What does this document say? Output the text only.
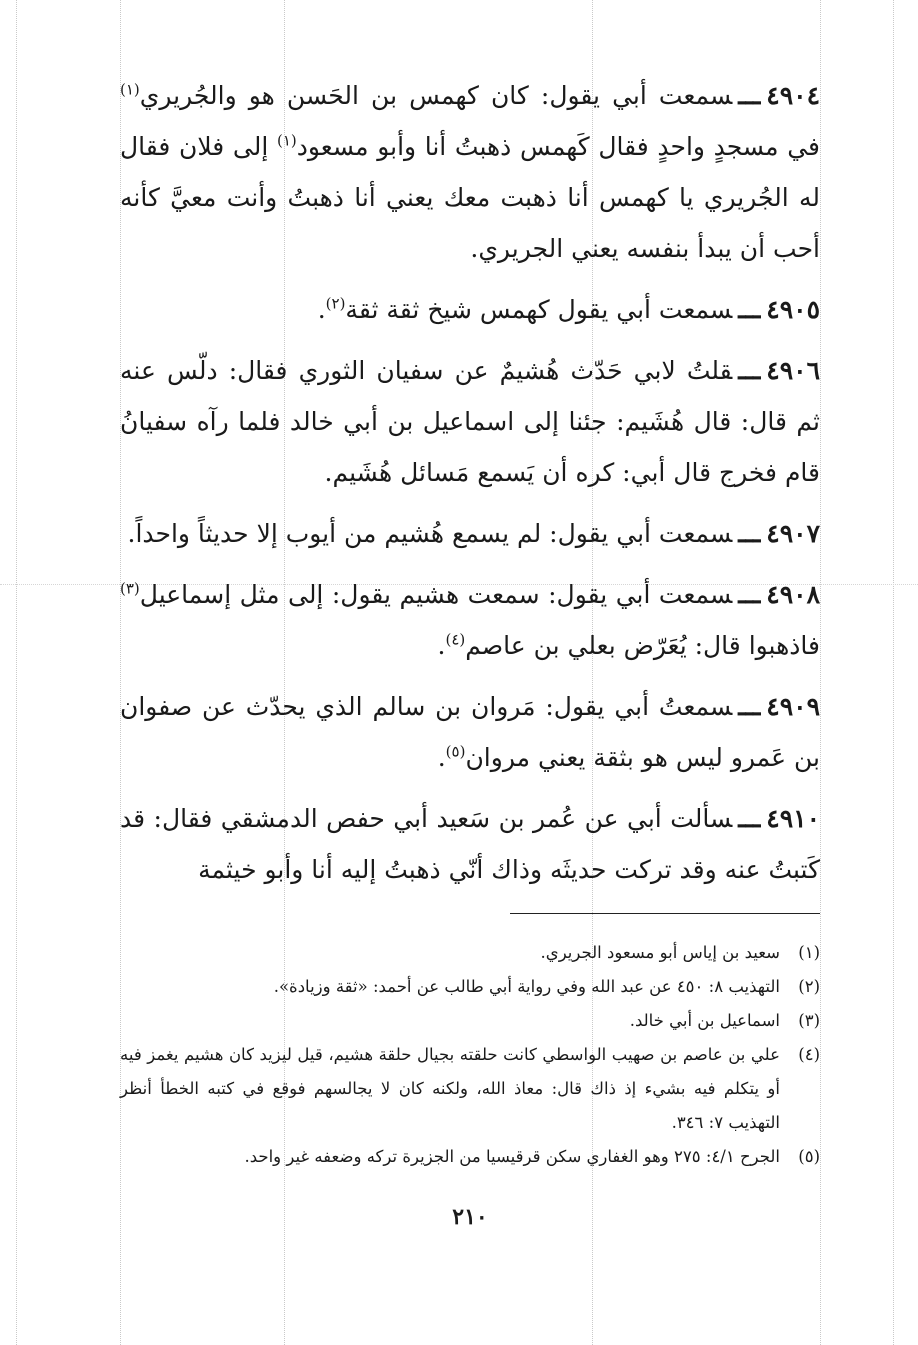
٤٩٠٤ـــسمعت أبي يقول: كان كهمس بن الحَسن هو والجُريري$^{(١)}$ في مسجدٍ واحدٍ فقال كَهمس ذهبتُ أنا وأبو مسعود$^{(١)}$ إلى فلان فقال له الجُريري يا كهمس أنا ذهبت معك يعني أنا ذهبتُ وأنت معيَّ كأنه أحب أن يبدأ بنفسه يعني الجريري.

٤٩٠٥ـــسمعت أبي يقول كهمس شيخ ثقة ثقة$^{(٢)}$.

٤٩٠٦ـــقلتُ لابي حَدّث هُشيمٌ عن سفيان الثوري فقال: دلّس عنه ثم قال: قال هُشَيم: جئنا إلى اسماعيل بن أبي خالد فلما رآه سفيانُ قام فخرج قال أبي: كره أن يَسمع مَسائل هُشَيم.

٤٩٠٧ـــسمعت أبي يقول: لم يسمع هُشيم من أيوب إلا حديثاً واحداً.

٤٩٠٨ـــسمعت أبي يقول: سمعت هشيم يقول: إلى مثل إسماعيل$^{(٣)}$ فاذهبوا قال: يُعَرّض بعلي بن عاصم$^{(٤)}$.

٤٩٠٩ـــسمعتُ أبي يقول: مَروان بن سالم الذي يحدّث عن صفوان بن عَمرو ليس هو بثقة يعني مروان$^{(٥)}$.

٤٩١٠ـــسألت أبي عن عُمر بن سَعيد أبي حفص الدمشقي فقال: قد كَتبتُ عنه وقد تركت حديثَه وذاك أنّي ذهبتُ إليه أنا وأبو خيثمة

(١)
سعيد بن إياس أبو مسعود الجريري.
(٢)
التهذيب ٨: ٤٥٠ عن عبد الله وفي رواية أبي طالب عن أحمد: «ثقة وزيادة».
(٣)
اسماعيل بن أبي خالد.
(٤)
علي بن عاصم بن صهيب الواسطي كانت حلقته بجيال حلقة هشيم، قيل ليزيد كان هشيم يغمز فيه أو يتكلم فيه بشيء إذ ذاك قال: معاذ الله، ولكنه كان لا يجالسهم فوقع في كتبه الخطأ أنظر التهذيب ٧: ٣٤٦.
(٥)
الجرح ٤/١: ٢٧٥ وهو الغفاري سكن قرقيسيا من الجزيرة تركه وضعفه غير واحد.
٢١٠
